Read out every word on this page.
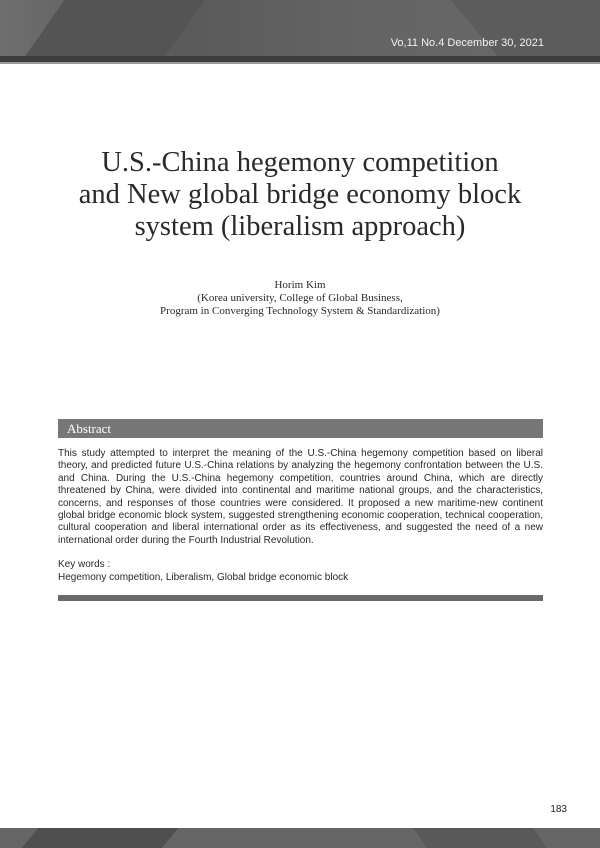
Vo,11 No.4 December 30, 2021
U.S.-China hegemony competition
and New global bridge economy block
system (liberalism approach)
Horim Kim
(Korea university, College of Global Business,
Program in Converging Technology System & Standardization)
Abstract

This study attempted to interpret the meaning of the U.S.-China hegemony competition based on liberal theory, and predicted future U.S.-China relations by analyzing the hegemony confrontation between the U.S. and China. During the U.S.-China hegemony competition, countries around China, which are directly threatened by China, were divided into continental and maritime national groups, and the characteristics, concerns, and responses of those countries were considered. It proposed a new maritime-new continent global bridge economic block system, suggested strengthening economic cooperation, technical cooperation, cultural cooperation and liberal international order as its effectiveness, and suggested the need of a new international order during the Fourth Industrial Revolution.

Key words :
Hegemony competition, Liberalism, Global bridge economic block
183
